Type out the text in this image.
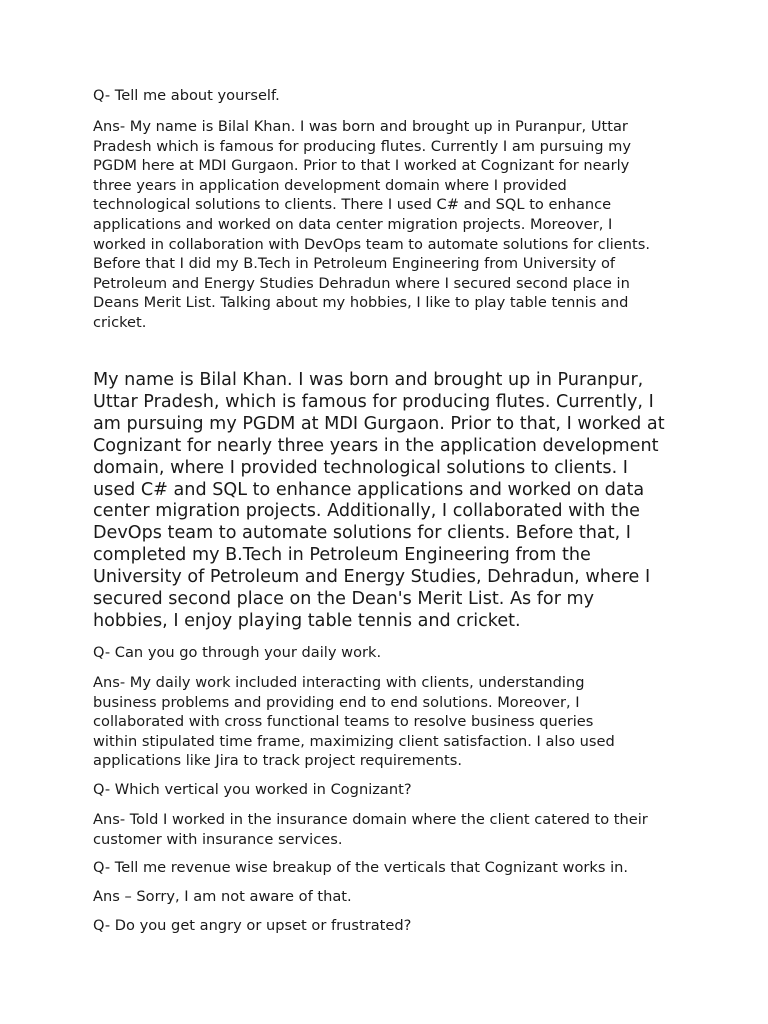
Q- Tell me about yourself.

Ans- My name is Bilal Khan. I was born and brought up in Puranpur, Uttar Pradesh which is famous for producing flutes. Currently I am pursuing my PGDM here at MDI Gurgaon. Prior to that I worked at Cognizant for nearly three years in application development domain where I provided technological solutions to clients. There I used C# and SQL to enhance applications and worked on data center migration projects. Moreover, I worked in collaboration with DevOps team to automate solutions for clients. Before that I did my B.Tech in Petroleum Engineering from University of Petroleum and Energy Studies Dehradun where I secured second place in Deans Merit List. Talking about my hobbies, I like to play table tennis and cricket.

My name is Bilal Khan. I was born and brought up in Puranpur, Uttar Pradesh, which is famous for producing flutes. Currently, I am pursuing my PGDM at MDI Gurgaon. Prior to that, I worked at Cognizant for nearly three years in the application development domain, where I provided technological solutions to clients. I used C# and SQL to enhance applications and worked on data center migration projects. Additionally, I collaborated with the DevOps team to automate solutions for clients. Before that, I completed my B.Tech in Petroleum Engineering from the University of Petroleum and Energy Studies, Dehradun, where I secured second place on the Dean's Merit List. As for my hobbies, I enjoy playing table tennis and cricket.

Q- Can you go through your daily work.

Ans- My daily work included interacting with clients, understanding business problems and providing end to end solutions. Moreover, I collaborated with cross functional teams to resolve business queries within stipulated time frame, maximizing client satisfaction. I also used applications like Jira to track project requirements.

Q- Which vertical you worked in Cognizant?

Ans- Told I worked in the insurance domain where the client catered to their customer with insurance services.

Q- Tell me revenue wise breakup of the verticals that Cognizant works in.

Ans – Sorry, I am not aware of that.

Q- Do you get angry or upset or frustrated?
